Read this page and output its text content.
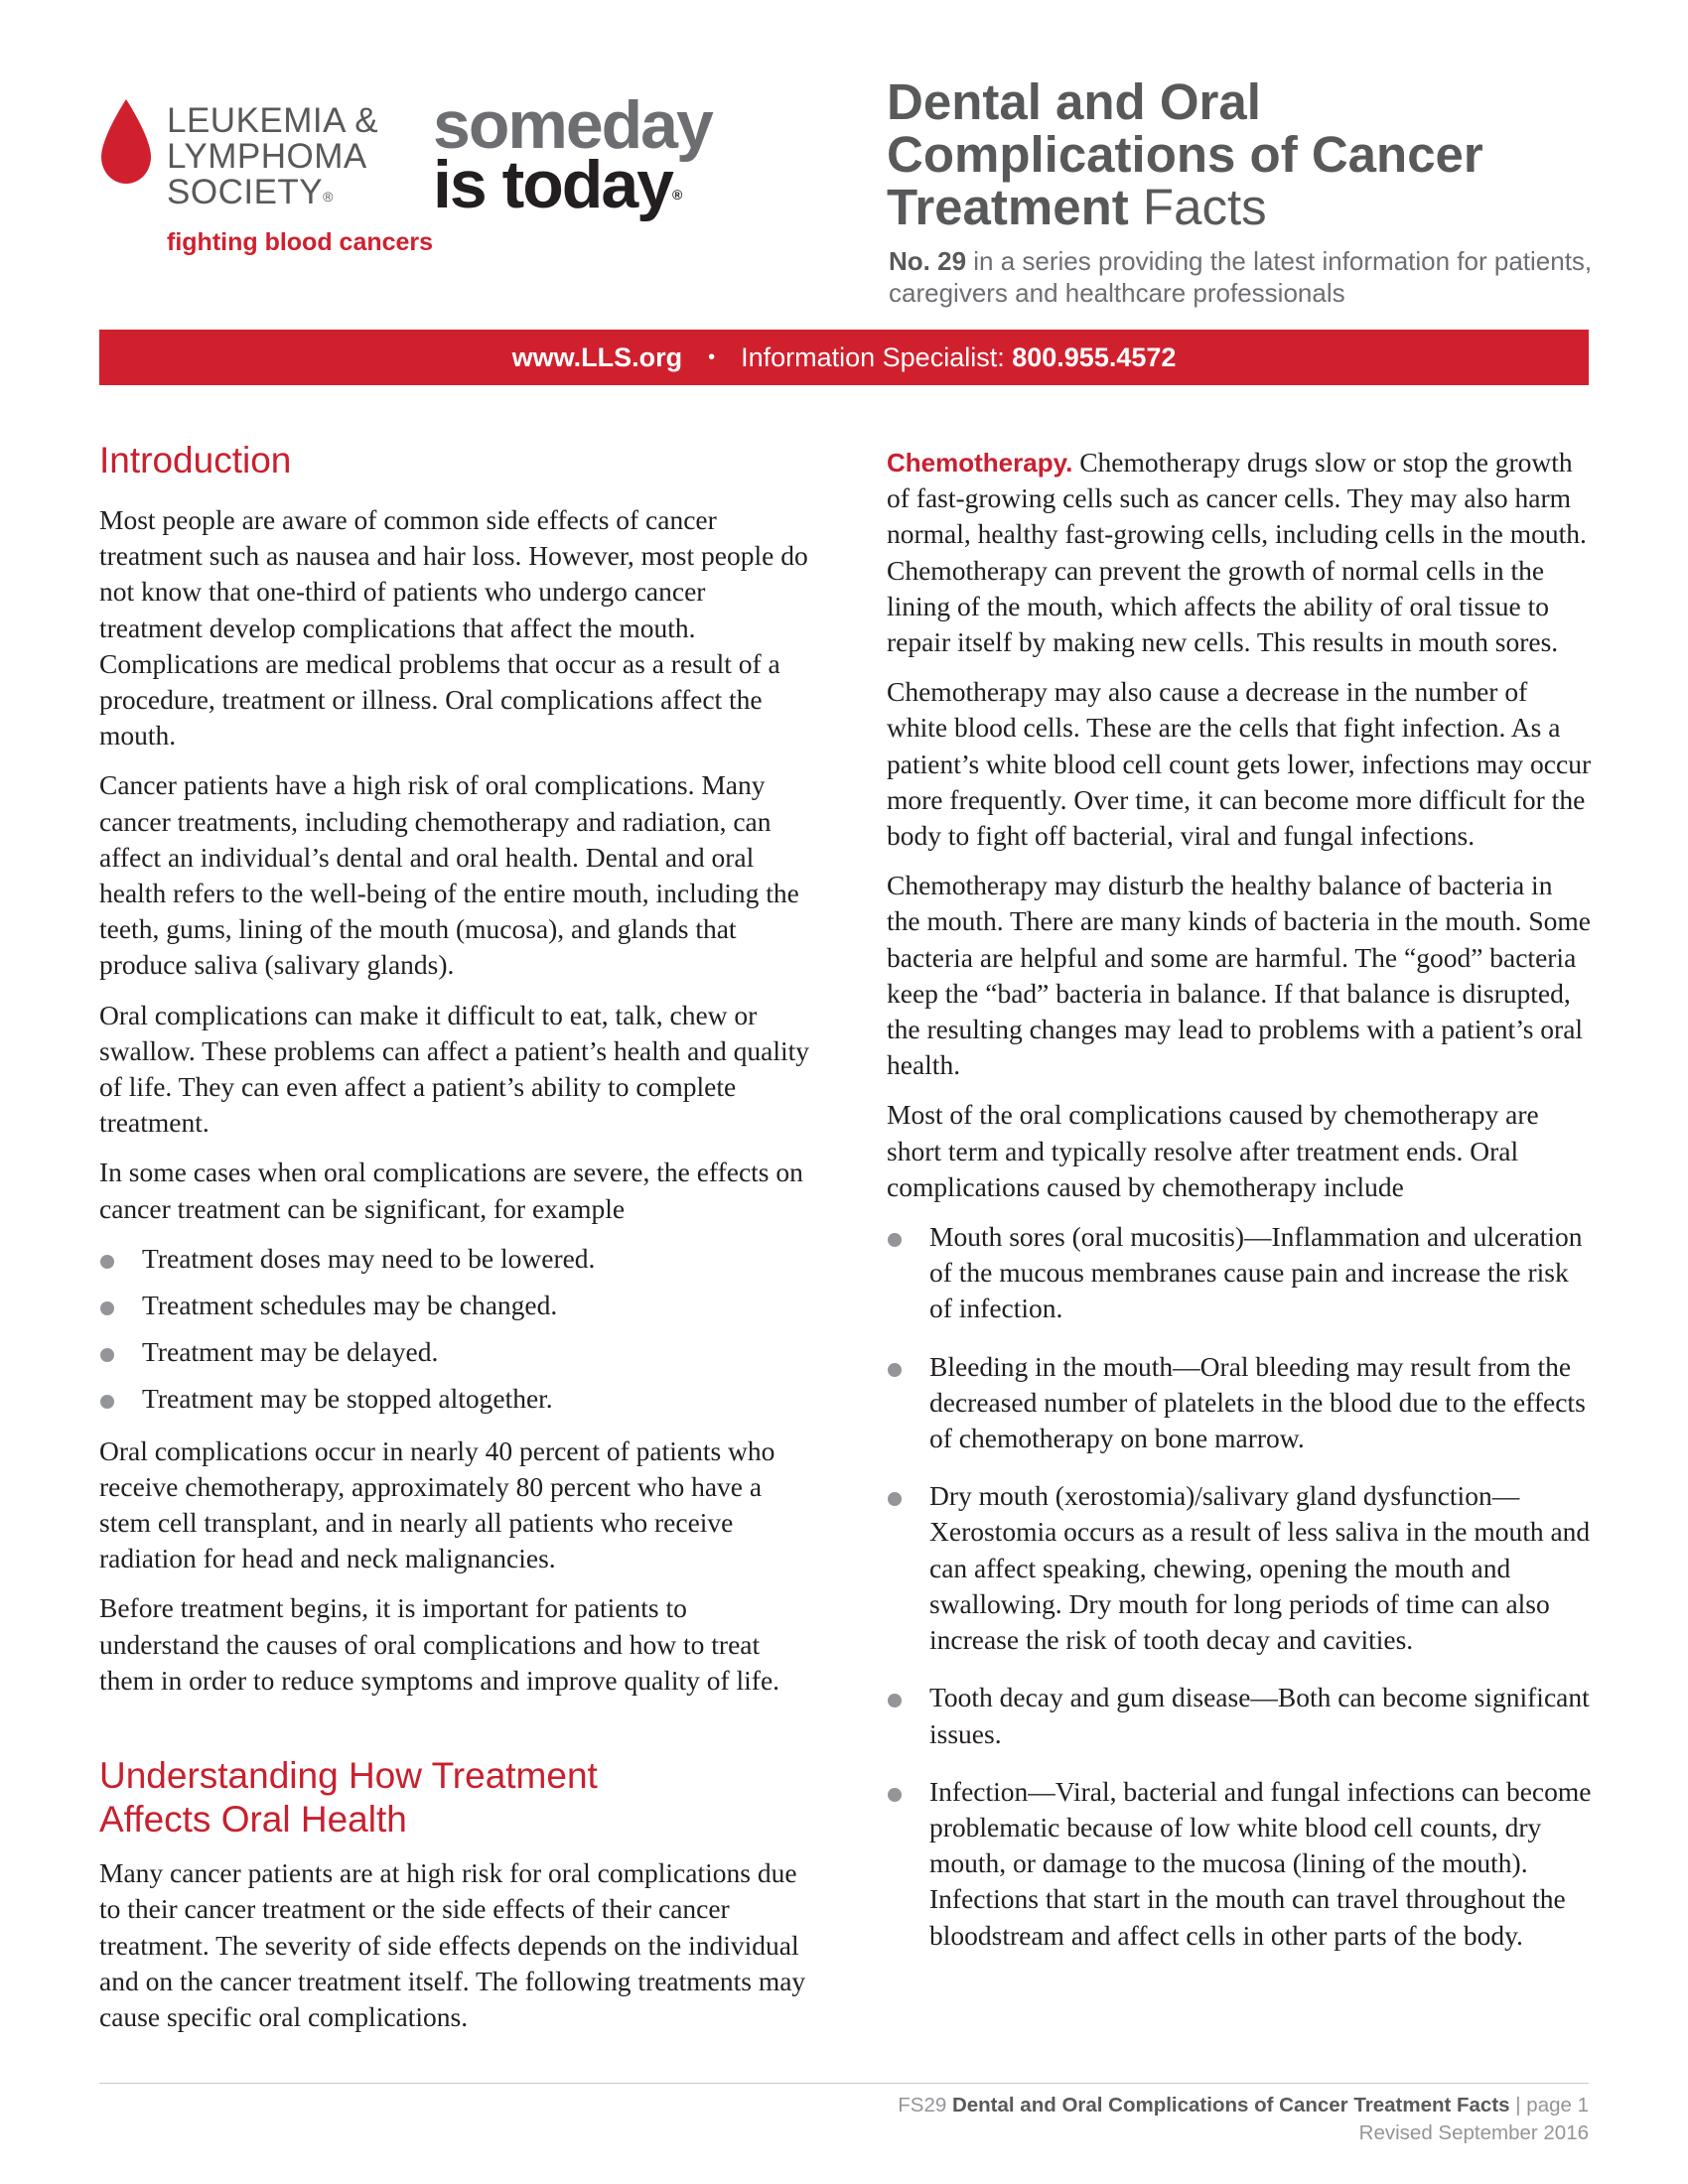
LEUKEMIA &
LYMPHOMA
SOCIETY®
fighting blood cancers
someday
is today®
Dental and Oral
Complications of Cancer
Treatment Facts
No. 29 in a series providing the latest information for patients, caregivers and healthcare professionals
www.LLS.org • Information Specialist:
800.955.4572
Introduction

Most people are aware of common side effects of cancer treatment such as nausea and hair loss. However, most people do not know that one-third of patients who undergo cancer treatment develop complications that affect the mouth. Complications are medical problems that occur as a result of a procedure, treatment or illness. Oral complications affect the mouth.

Cancer patients have a high risk of oral complications. Many cancer treatments, including chemotherapy and radiation, can affect an individual’s dental and oral health. Dental and oral health refers to the well-being of the entire mouth, including the teeth, gums, lining of the mouth (mucosa), and glands that produce saliva (salivary glands).

Oral complications can make it difficult to eat, talk, chew or swallow. These problems can affect a patient’s health and quality of life. They can even affect a patient’s ability to complete treatment.

In some cases when oral complications are severe, the effects on cancer treatment can be significant, for example

Treatment doses may need to be lowered.
Treatment schedules may be changed.
Treatment may be delayed.
Treatment may be stopped altogether.

Oral complications occur in nearly 40 percent of patients who receive chemotherapy, approximately 80 percent who have a stem cell transplant, and in nearly all patients who receive radiation for head and neck malignancies.

Before treatment begins, it is important for patients to understand the causes of oral complications and how to treat them in order to reduce symptoms and improve quality of life.

Understanding How Treatment
Affects Oral Health

Many cancer patients are at high risk for oral complications due to their cancer treatment or the side effects of their cancer treatment. The severity of side effects depends on the individual and on the cancer treatment itself. The following treatments may cause specific oral complications.

Chemotherapy. Chemotherapy drugs slow or stop the growth of fast-growing cells such as cancer cells. They may also harm normal, healthy fast-growing cells, including cells in the mouth. Chemotherapy can prevent the growth of normal cells in the lining of the mouth, which affects the ability of oral tissue to repair itself by making new cells. This results in mouth sores.

Chemotherapy may also cause a decrease in the number of white blood cells. These are the cells that fight infection. As a patient’s white blood cell count gets lower, infections may occur more frequently. Over time, it can become more difficult for the body to fight off bacterial, viral and fungal infections.

Chemotherapy may disturb the healthy balance of bacteria in the mouth. There are many kinds of bacteria in the mouth. Some bacteria are helpful and some are harmful. The “good” bacteria keep the “bad” bacteria in balance. If that balance is disrupted, the resulting changes may lead to problems with a patient’s oral health.

Most of the oral complications caused by chemotherapy are short term and typically resolve after treatment ends. Oral complications caused by chemotherapy include

Mouth sores (oral mucositis)—Inflammation and ulceration of the mucous membranes cause pain and increase the risk of infection.
Bleeding in the mouth—Oral bleeding may result from the decreased number of platelets in the blood due to the effects of chemotherapy on bone marrow.
Dry mouth (xerostomia)/salivary gland dysfunction— Xerostomia occurs as a result of less saliva in the mouth and can affect speaking, chewing, opening the mouth and swallowing. Dry mouth for long periods of time can also increase the risk of tooth decay and cavities.
Tooth decay and gum disease—Both can become significant issues.
Infection—Viral, bacterial and fungal infections can become problematic because of low white blood cell counts, dry mouth, or damage to the mucosa (lining of the mouth). Infections that start in the mouth can travel throughout the bloodstream and affect cells in other parts of the body.
FS29 Dental and Oral Complications of Cancer Treatment Facts | page 1
Revised September 2016
